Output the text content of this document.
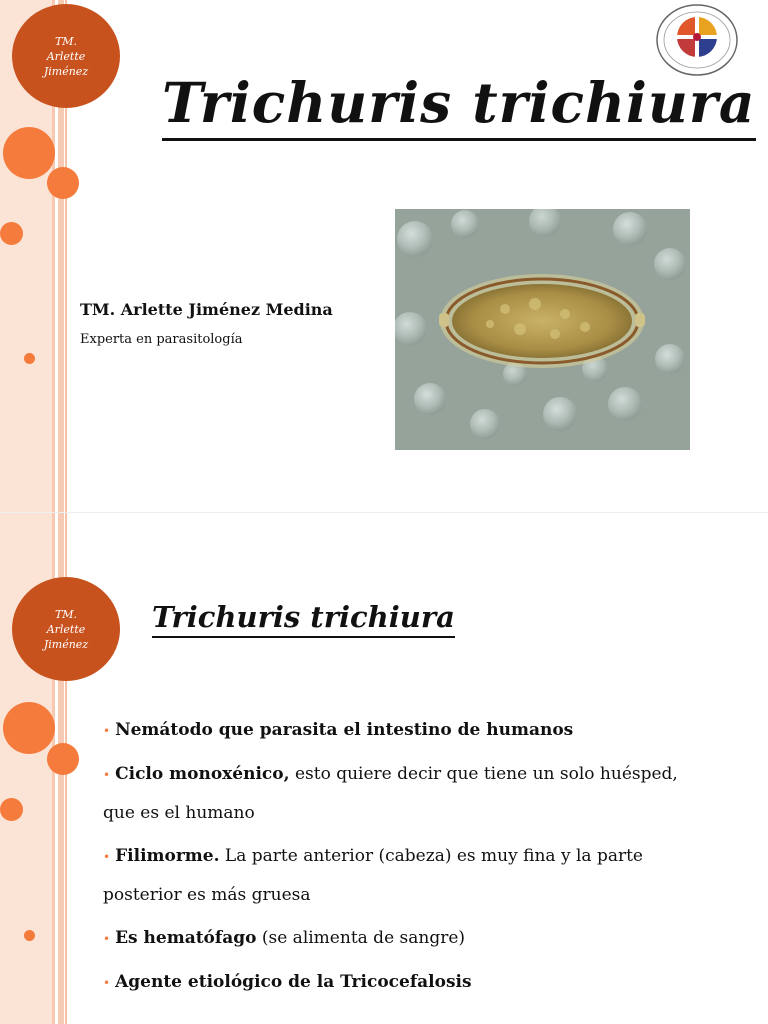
TM.
Arlette
Jiménez Trichuris trichiura
TM. Arlette Jiménez Medina
Experta en parasitología
TM.
Arlette
Jiménez
Trichuris trichiura
• Nemátodo que parasita el intestino de humanos
• Ciclo monoxénico, esto quiere decir que tiene un solo huésped, que es el humano
• Filimorme. La parte anterior (cabeza) es muy fina y la parte posterior es más gruesa
• Es hematófago (se alimenta de sangre)
• Agente etiológico de la Tricocefalosis
